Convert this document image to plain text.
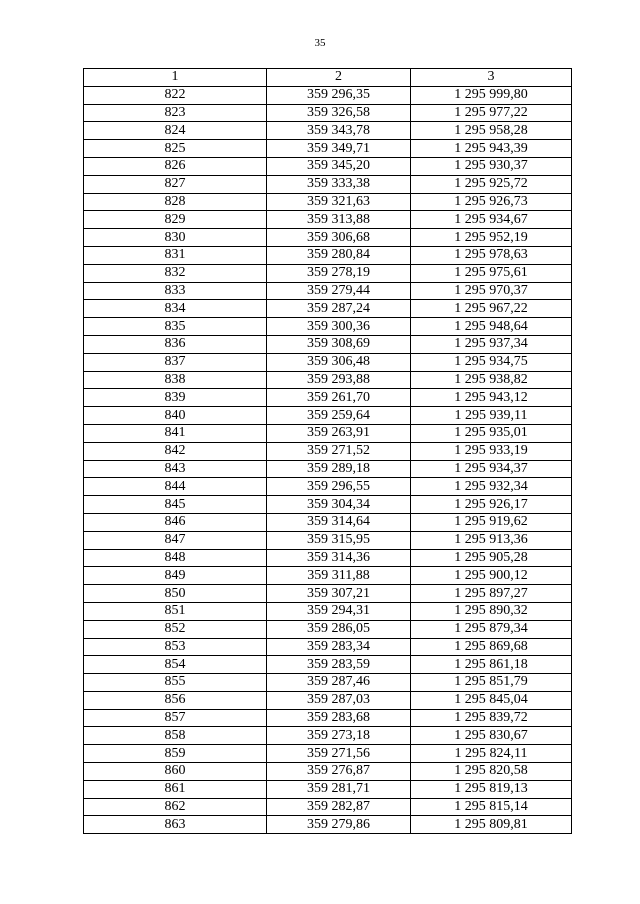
35
1	2	3
822	359 296,35	1 295 999,80
823	359 326,58	1 295 977,22
824	359 343,78	1 295 958,28
825	359 349,71	1 295 943,39
826	359 345,20	1 295 930,37
827	359 333,38	1 295 925,72
828	359 321,63	1 295 926,73
829	359 313,88	1 295 934,67
830	359 306,68	1 295 952,19
831	359 280,84	1 295 978,63
832	359 278,19	1 295 975,61
833	359 279,44	1 295 970,37
834	359 287,24	1 295 967,22
835	359 300,36	1 295 948,64
836	359 308,69	1 295 937,34
837	359 306,48	1 295 934,75
838	359 293,88	1 295 938,82
839	359 261,70	1 295 943,12
840	359 259,64	1 295 939,11
841	359 263,91	1 295 935,01
842	359 271,52	1 295 933,19
843	359 289,18	1 295 934,37
844	359 296,55	1 295 932,34
845	359 304,34	1 295 926,17
846	359 314,64	1 295 919,62
847	359 315,95	1 295 913,36
848	359 314,36	1 295 905,28
849	359 311,88	1 295 900,12
850	359 307,21	1 295 897,27
851	359 294,31	1 295 890,32
852	359 286,05	1 295 879,34
853	359 283,34	1 295 869,68
854	359 283,59	1 295 861,18
855	359 287,46	1 295 851,79
856	359 287,03	1 295 845,04
857	359 283,68	1 295 839,72
858	359 273,18	1 295 830,67
859	359 271,56	1 295 824,11
860	359 276,87	1 295 820,58
861	359 281,71	1 295 819,13
862	359 282,87	1 295 815,14
863	359 279,86	1 295 809,81
